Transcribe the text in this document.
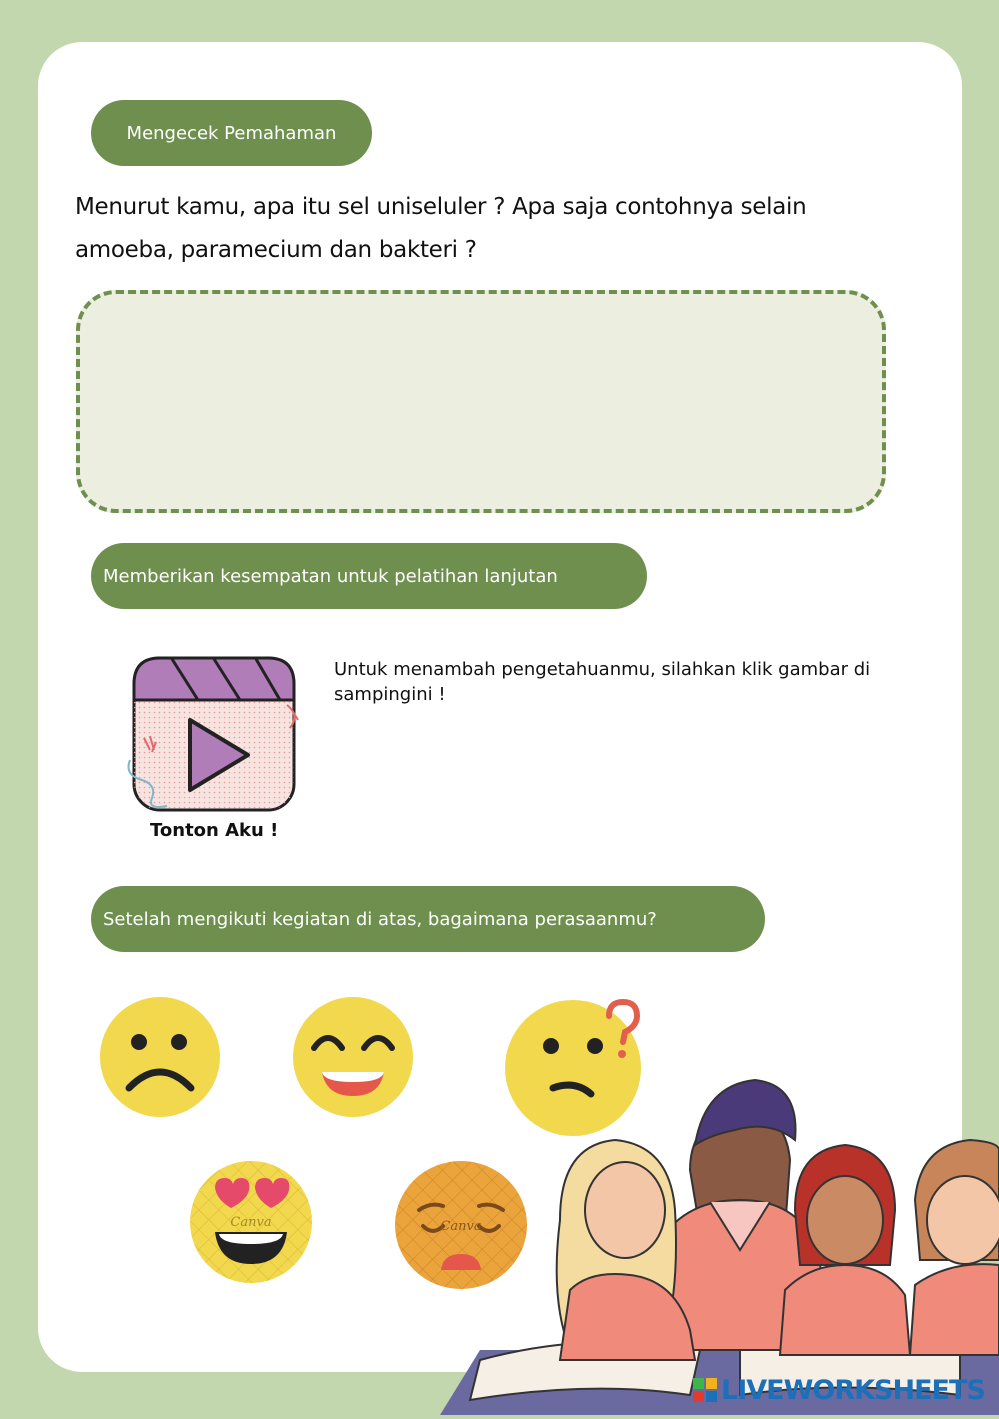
Mengecek Pemahaman
Menurut kamu, apa itu sel uniseluler ? Apa saja contohnya selain
amoeba, paramecium dan bakteri ?
Memberikan kesempatan untuk pelatihan lanjutan
Tonton Aku !
Untuk menambah pengetahuanmu, silahkan klik gambar di sampingini !
Setelah mengikuti kegiatan di atas, bagaimana perasaanmu?
Canva	Canva
LIVEWORKSHEETS
